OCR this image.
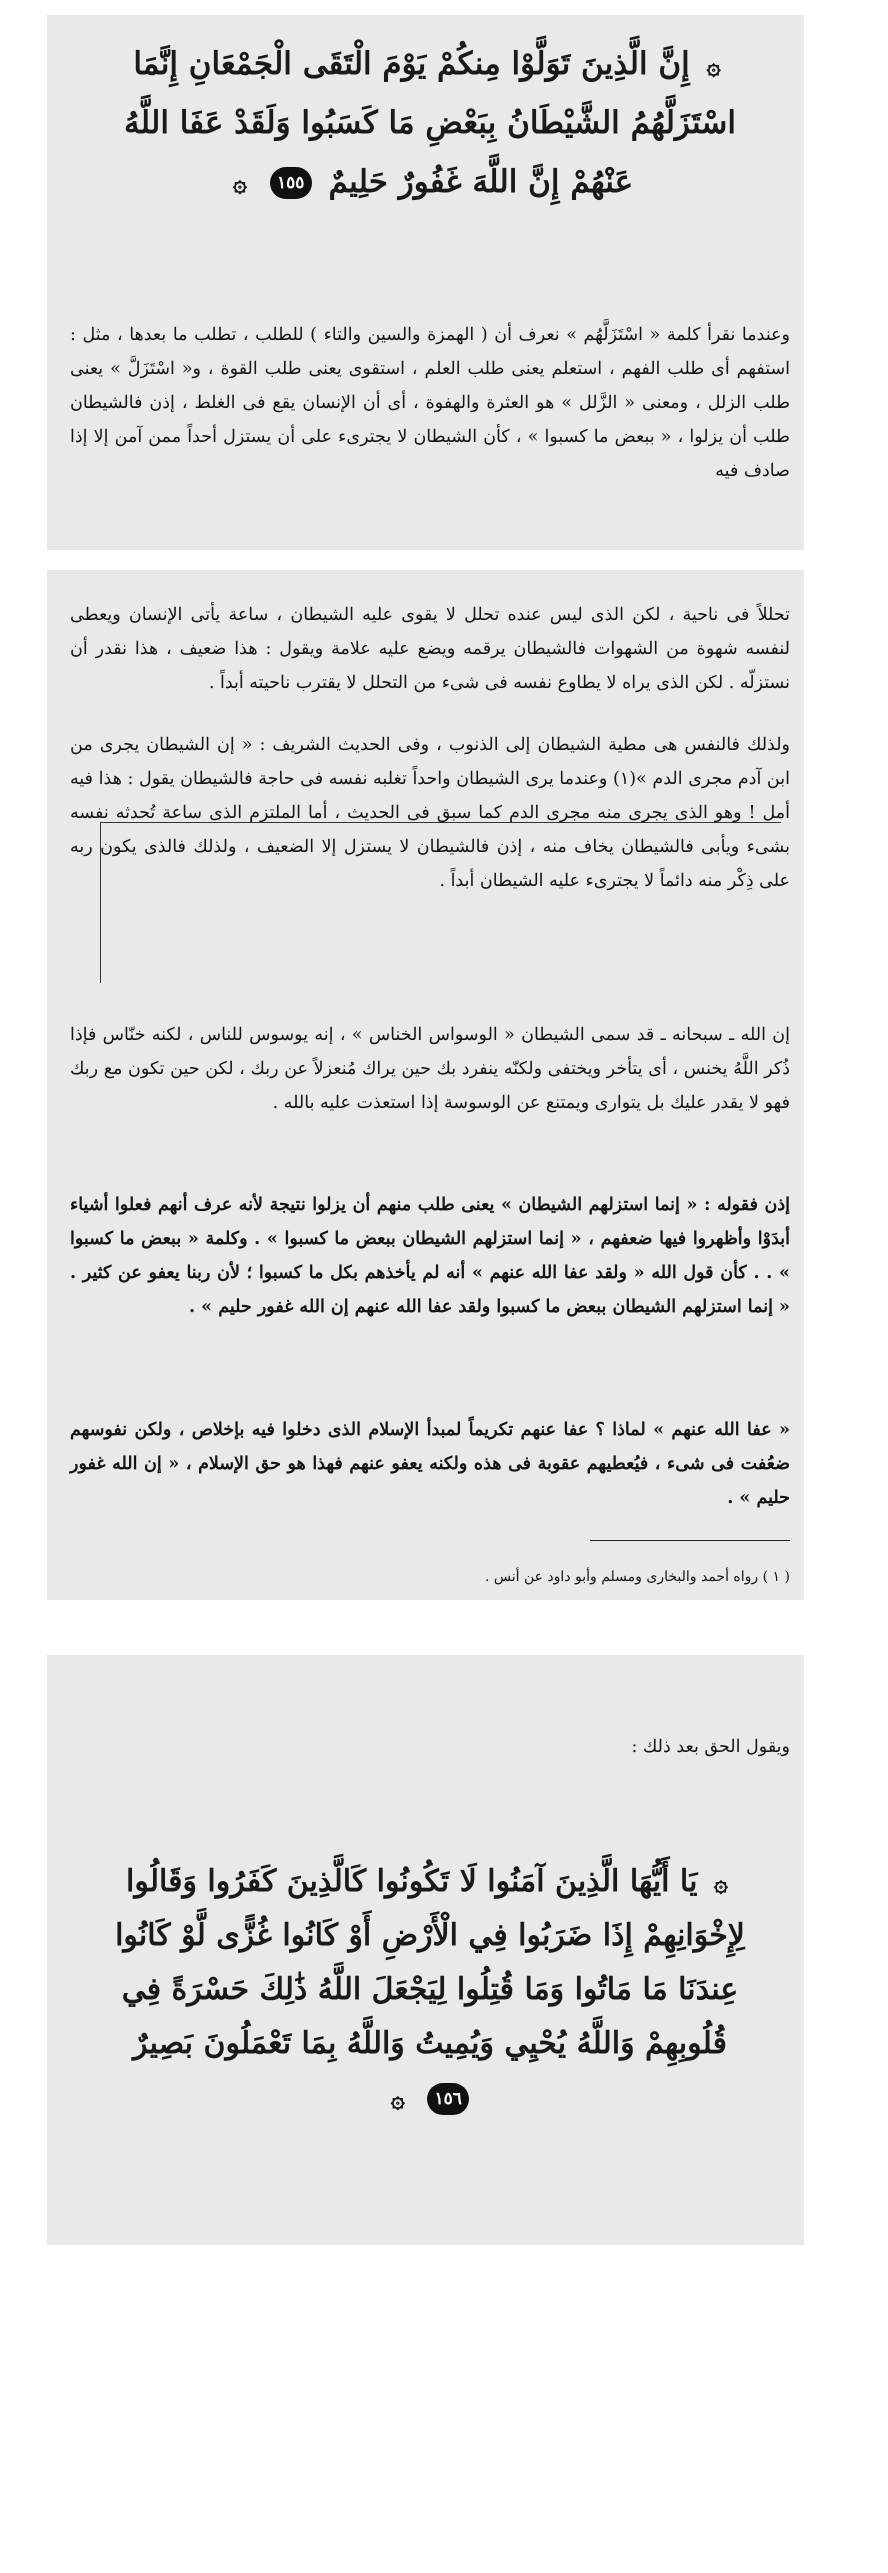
۞ إِنَّ الَّذِينَ تَوَلَّوْا مِنكُمْ يَوْمَ الْتَقَى الْجَمْعَانِ إِنَّمَا اسْتَزَلَّهُمُ الشَّيْطَانُ بِبَعْضِ مَا كَسَبُوا وَلَقَدْ عَفَا اللَّهُ عَنْهُمْ إِنَّ اللَّهَ غَفُورٌ حَلِيمٌ ١٥٥ ۞

وعندما نقرأ كلمة « اسْتَزَلَّهُم » نعرف أن ( الهمزة والسين والتاء ) للطلب ، تطلب ما بعدها ، مثل : استفهم أى طلب الفهم ، استعلم يعنى طلب العلم ، استقوى يعنى طلب القوة ، و« اسْتَزَلَّ » يعنى طلب الزلل ، ومعنى « الزَّلل » هو العثرة والهفوة ، أى أن الإنسان يقع فى الغلط ، إذن فالشيطان طلب أن يزلوا ، « ببعض ما كسبوا » ، كأن الشيطان لا يجترىء على أن يستزل أحداً ممن آمن إلا إذا صادف فيه

تحللاً فى ناحية ، لكن الذى ليس عنده تحلل لا يقوى عليه الشيطان ، ساعة يأتى الإنسان ويعطى لنفسه شهوة من الشهوات فالشيطان يرقمه ويضع عليه علامة ويقول : هذا ضعيف ، هذا نقدر أن نستزلّه . لكن الذى يراه لا يطاوع نفسه فى شىء من التحلل لا يقترب ناحيته أبداً .

ولذلك فالنفس هى مطية الشيطان إلى الذنوب ، وفى الحديث الشريف : « إن الشيطان يجرى من ابن آدم مجرى الدم »(١) وعندما يرى الشيطان واحداً تغلبه نفسه فى حاجة فالشيطان يقول : هذا فيه أمل ! وهو الذى يجرى منه مجرى الدم كما سبق فى الحديث ، أما الملتزم الذى ساعة تُحدثه نفسه بشىء ويأبى فالشيطان يخاف منه ، إذن فالشيطان لا يستزل إلا الضعيف ، ولذلك فالذى يكون ربه على ذِكْر منه دائماً لا يجترىء عليه الشيطان أبداً .

إن الله ـ سبحانه ـ قد سمى الشيطان « الوسواس الخناس » ، إنه يوسوس للناس ، لكنه خنّاس فإذا ذُكر اللَّهُ يخنس ، أى يتأخر ويختفى ولكنّه ينفرد بك حين يراك مُنعزلاً عن ربك ، لكن حين تكون مع ربك فهو لا يقدر عليك بل يتوارى ويمتنع عن الوسوسة إذا استعذت عليه بالله .

إذن فقوله : « إنما استزلهم الشيطان » يعنى طلب منهم أن يزلوا نتيجة لأنه عرف أنهم فعلوا أشياء أبدَوْا وأظهروا فيها ضعفهم ، « إنما استزلهم الشيطان ببعض ما كسبوا » . وكلمة « ببعض ما كسبوا » . . كأن قول الله « ولقد عفا الله عنهم » أنه لم يأخذهم بكل ما كسبوا ؛ لأن ربنا يعفو عن كثير . « إنما استزلهم الشيطان ببعض ما كسبوا ولقد عفا الله عنهم إن الله غفور حليم » .

« عفا الله عنهم » لماذا ؟ عفا عنهم تكريماً لمبدأ الإسلام الذى دخلوا فيه بإخلاص ، ولكن نفوسهم ضعُفت فى شىء ، فيُعطيهم عقوبة فى هذه ولكنه يعفو عنهم فهذا هو حق الإسلام ، « إن الله غفور حليم » .

( ١ ) رواه أحمد والبخارى ومسلم وأبو داود عن أنس .

ويقول الحق بعد ذلك :

۞ يَا أَيُّهَا الَّذِينَ آمَنُوا لَا تَكُونُوا كَالَّذِينَ كَفَرُوا وَقَالُوا لِإِخْوَانِهِمْ إِذَا ضَرَبُوا فِي الْأَرْضِ أَوْ كَانُوا غُزًّى لَّوْ كَانُوا عِندَنَا مَا مَاتُوا وَمَا قُتِلُوا لِيَجْعَلَ اللَّهُ ذَٰلِكَ حَسْرَةً فِي قُلُوبِهِمْ وَاللَّهُ يُحْيِي وَيُمِيتُ وَاللَّهُ بِمَا تَعْمَلُونَ بَصِيرٌ ١٥٦ ۞
